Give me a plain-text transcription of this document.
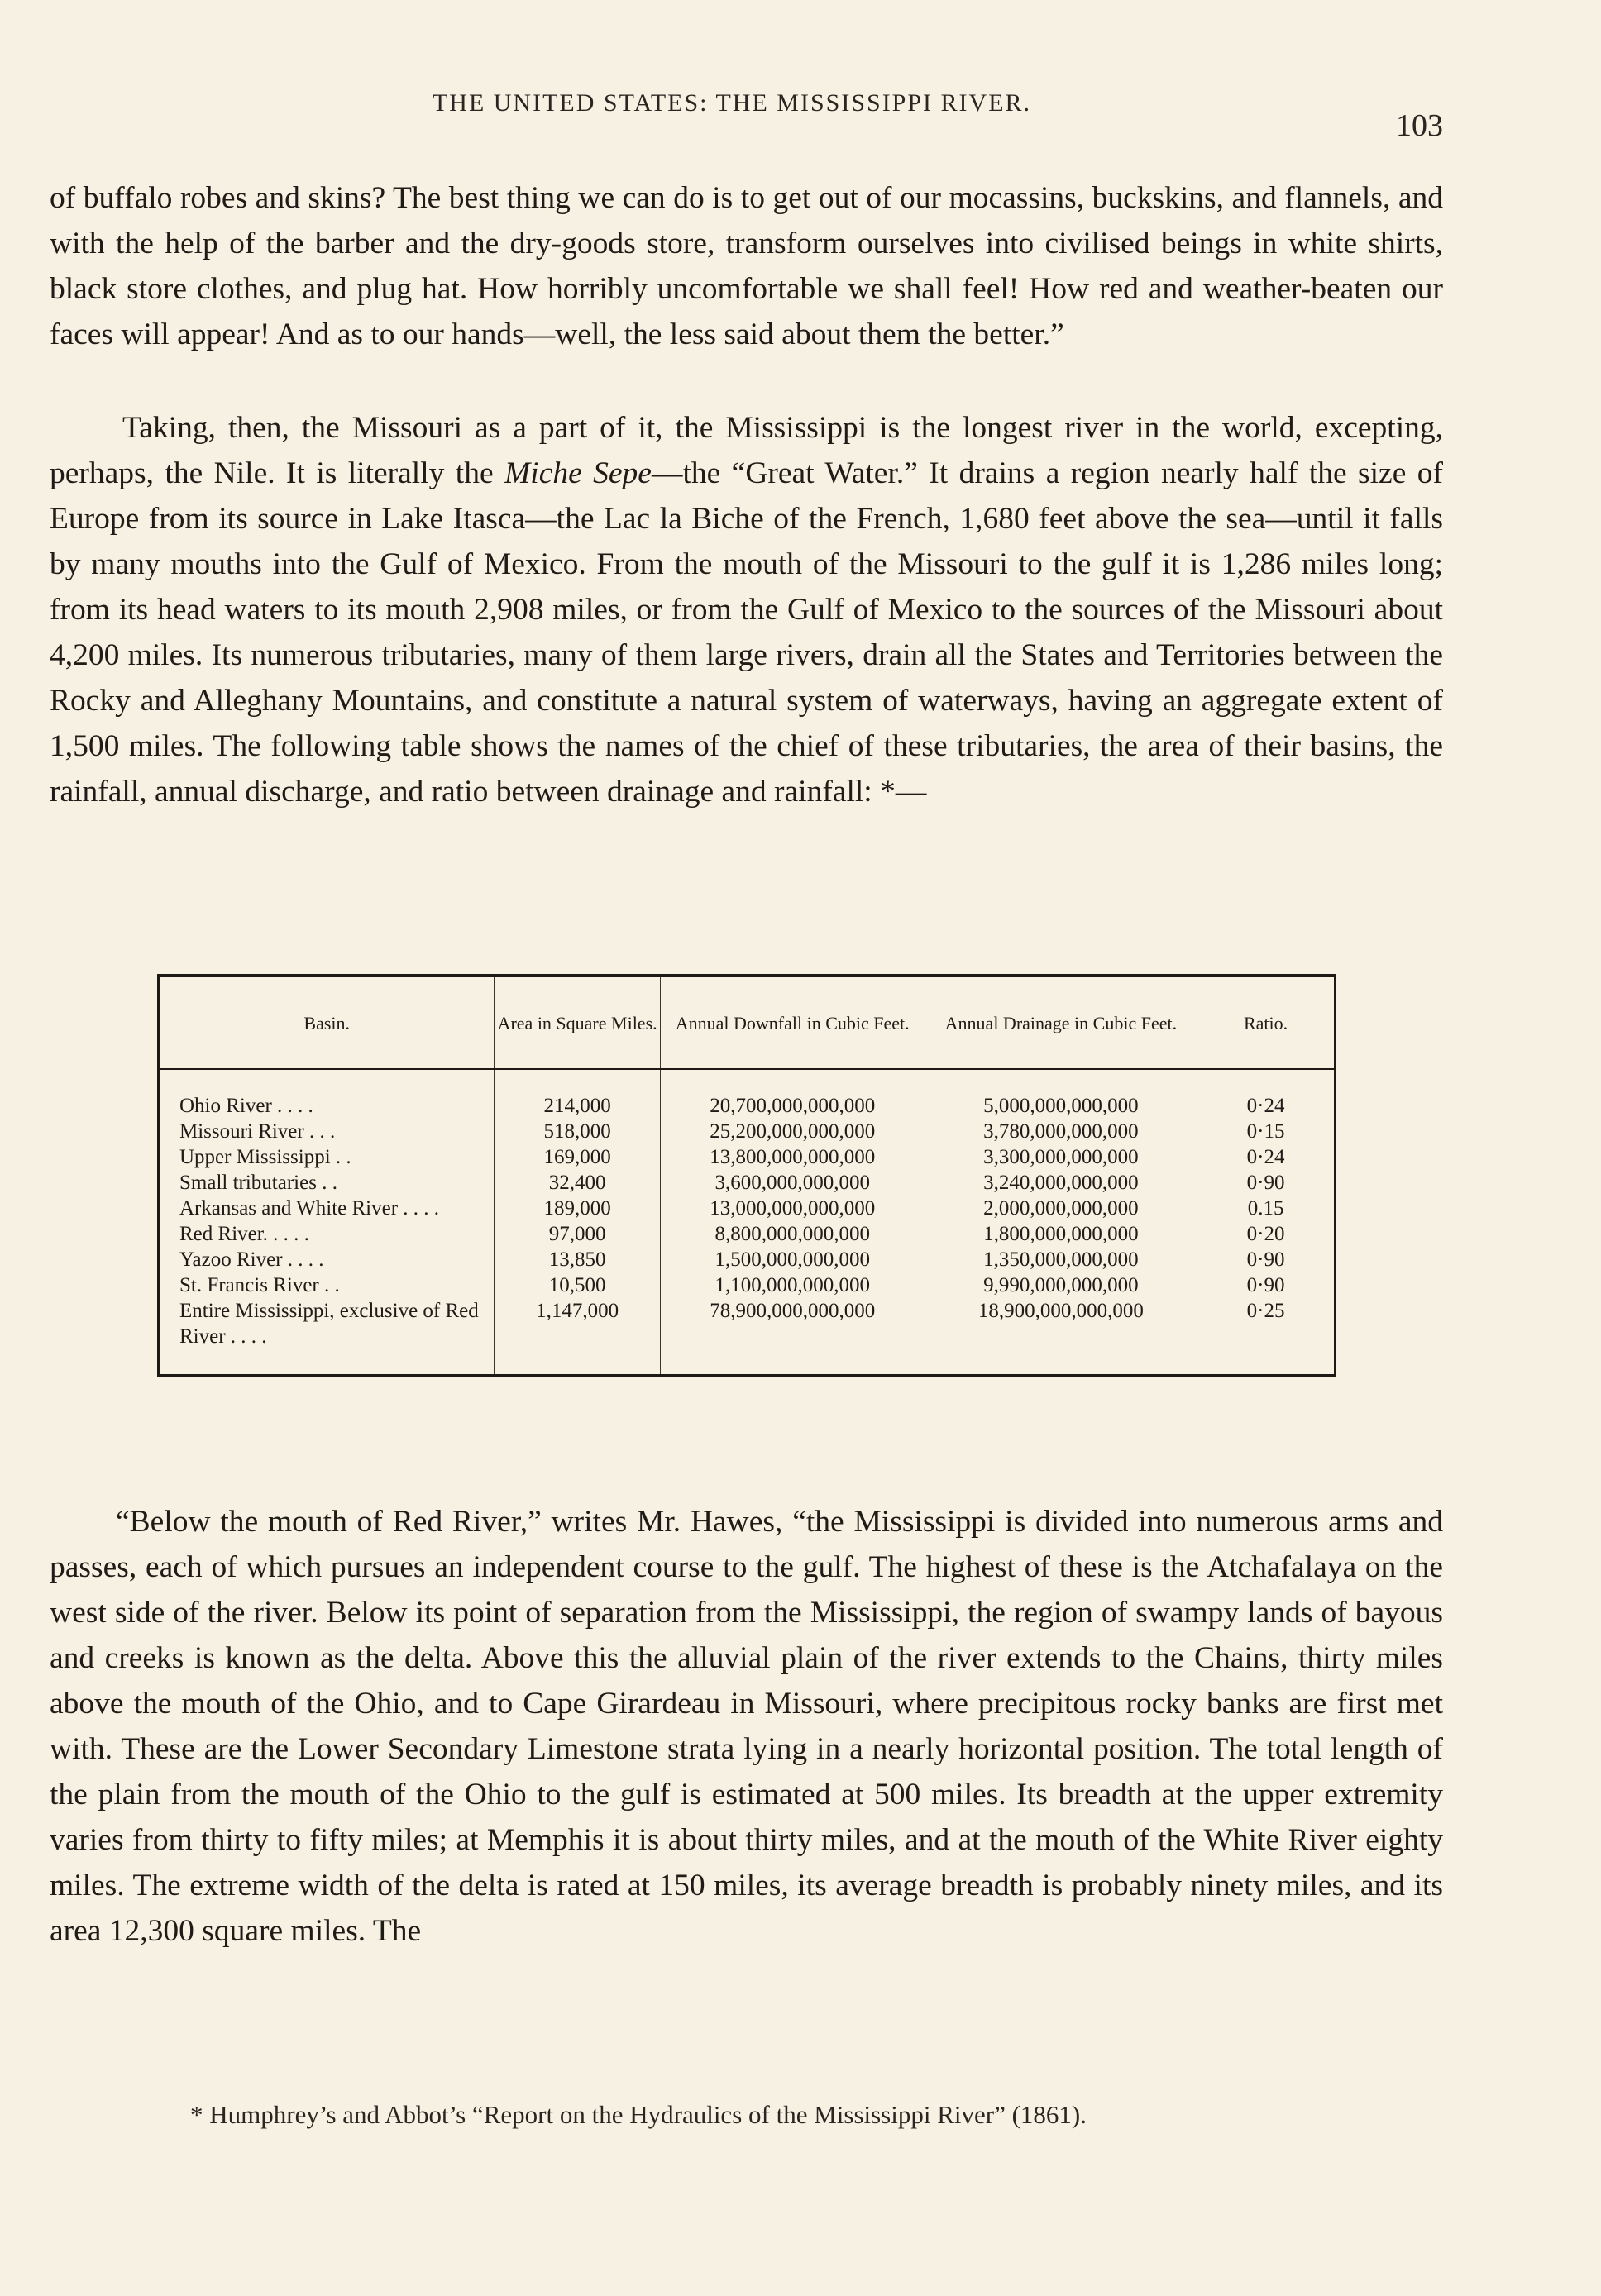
THE UNITED STATES: THE MISSISSIPPI RIVER.
103

of buffalo robes and skins? The best thing we can do is to get out of our mocassins, buckskins, and flannels, and with the help of the barber and the dry-goods store, transform ourselves into civilised beings in white shirts, black store clothes, and plug hat. How horribly uncomfortable we shall feel! How red and weather-beaten our faces will appear! And as to our hands—well, the less said about them the better.”

Taking, then, the Missouri as a part of it, the Mississippi is the longest river in the world, excepting, perhaps, the Nile. It is literally the Miche Sepe—the “Great Water.” It drains a region nearly half the size of Europe from its source in Lake Itasca—the Lac la Biche of the French, 1,680 feet above the sea—until it falls by many mouths into the Gulf of Mexico. From the mouth of the Missouri to the gulf it is 1,286 miles long; from its head waters to its mouth 2,908 miles, or from the Gulf of Mexico to the sources of the Missouri about 4,200 miles. Its numerous tributaries, many of them large rivers, drain all the States and Territories between the Rocky and Alleghany Mountains, and constitute a natural system of waterways, having an aggregate extent of 1,500 miles. The following table shows the names of the chief of these tributaries, the area of their basins, the rainfall, annual discharge, and ratio between drainage and rainfall: *—

Basin.	Area in Square Miles.	Annual Downfall in Cubic Feet.	Annual Drainage in Cubic Feet.	Ratio.
Ohio River . . . .	214,000	20,700,000,000,000	5,000,000,000,000	0·24
Missouri River . . .	518,000	25,200,000,000,000	3,780,000,000,000	0·15
Upper Mississippi . .	169,000	13,800,000,000,000	3,300,000,000,000	0·24
Small tributaries . .	32,400	3,600,000,000,000	3,240,000,000,000	0·90
Arkansas and White River . . . .	189,000	13,000,000,000,000	2,000,000,000,000	0.15
Red River. . . . .	97,000	8,800,000,000,000	1,800,000,000,000	0·20
Yazoo River . . . .	13,850	1,500,000,000,000	1,350,000,000,000	0·90
St. Francis River . .	10,500	1,100,000,000,000	9,990,000,000,000	0·90
Entire Mississippi, exclusive of Red River . . . .	1,147,000	78,900,000,000,000	18,900,000,000,000	0·25

“Below the mouth of Red River,” writes Mr. Hawes, “the Mississippi is divided into numerous arms and passes, each of which pursues an independent course to the gulf. The highest of these is the Atchafalaya on the west side of the river. Below its point of separation from the Mississippi, the region of swampy lands of bayous and creeks is known as the delta. Above this the alluvial plain of the river extends to the Chains, thirty miles above the mouth of the Ohio, and to Cape Girardeau in Missouri, where precipitous rocky banks are first met with. These are the Lower Secondary Limestone strata lying in a nearly horizontal position. The total length of the plain from the mouth of the Ohio to the gulf is estimated at 500 miles. Its breadth at the upper extremity varies from thirty to fifty miles; at Memphis it is about thirty miles, and at the mouth of the White River eighty miles. The extreme width of the delta is rated at 150 miles, its average breadth is probably ninety miles, and its area 12,300 square miles. The

* Humphrey’s and Abbot’s “Report on the Hydraulics of the Mississippi River” (1861).
